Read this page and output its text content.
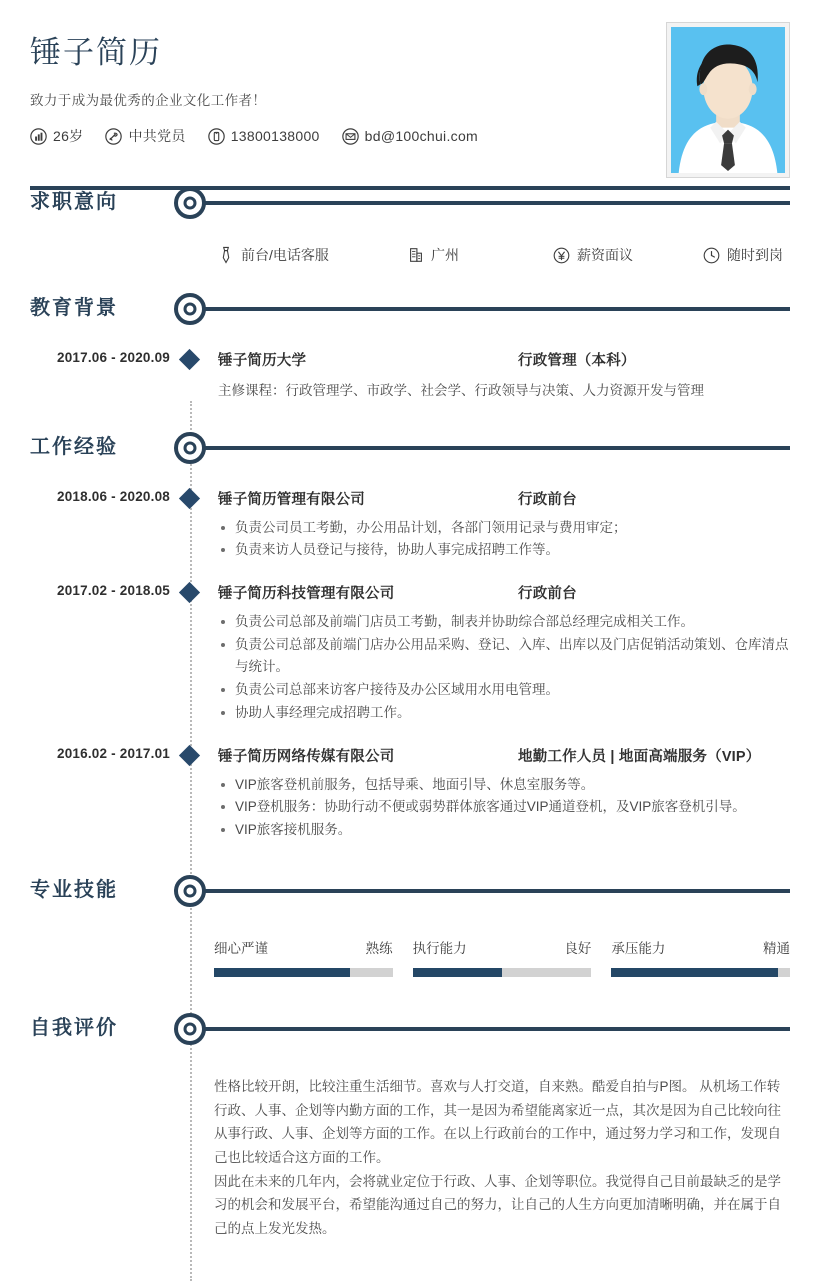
锤子简历
致力于成为最优秀的企业文化工作者！
26岁	中共党员	13800138000	bd@100chui.com
求职意向
前台/电话客服	广州	薪资面议	随时到岗
教育背景
2017.06 - 2020.09	锤子简历大学	行政管理（本科）
主修课程：行政管理学、市政学、社会学、行政领导与决策、人力资源开发与管理
工作经验
2018.06 - 2020.08	锤子简历管理有限公司	行政前台
负责公司员工考勤，办公用品计划，各部门领用记录与费用审定；
负责来访人员登记与接待，协助人事完成招聘工作等。
2017.02 - 2018.05	锤子简历科技管理有限公司	行政前台
负责公司总部及前端门店员工考勤，制表并协助综合部总经理完成相关工作。
负责公司总部及前端门店办公用品采购、登记、入库、出库以及门店促销活动策划、仓库清点与统计。
负责公司总部来访客户接待及办公区域用水用电管理。
协助人事经理完成招聘工作。
2016.02 - 2017.01	锤子简历网络传媒有限公司	地勤工作人员 | 地面高端服务（VIP）
VIP旅客登机前服务，包括导乘、地面引导、休息室服务等。
VIP登机服务：协助行动不便或弱势群体旅客通过VIP通道登机，及VIP旅客登机引导。
VIP旅客接机服务。
专业技能
细心严谨	熟练 执行能力	良好 承压能力	精通
自我评价

性格比较开朗，比较注重生活细节。喜欢与人打交道，自来熟。酷爱自拍与P图。 从机场工作转行政、人事、企划等内勤方面的工作，其一是因为希望能离家近一点，其次是因为自己比较向往从事行政、人事、企划等方面的工作。在以上行政前台的工作中，通过努力学习和工作，发现自己也比较适合这方面的工作。

因此在未来的几年内，会将就业定位于行政、人事、企划等职位。我觉得自己目前最缺乏的是学习的机会和发展平台，希望能沟通过自己的努力，让自己的人生方向更加清晰明确，并在属于自己的点上发光发热。
